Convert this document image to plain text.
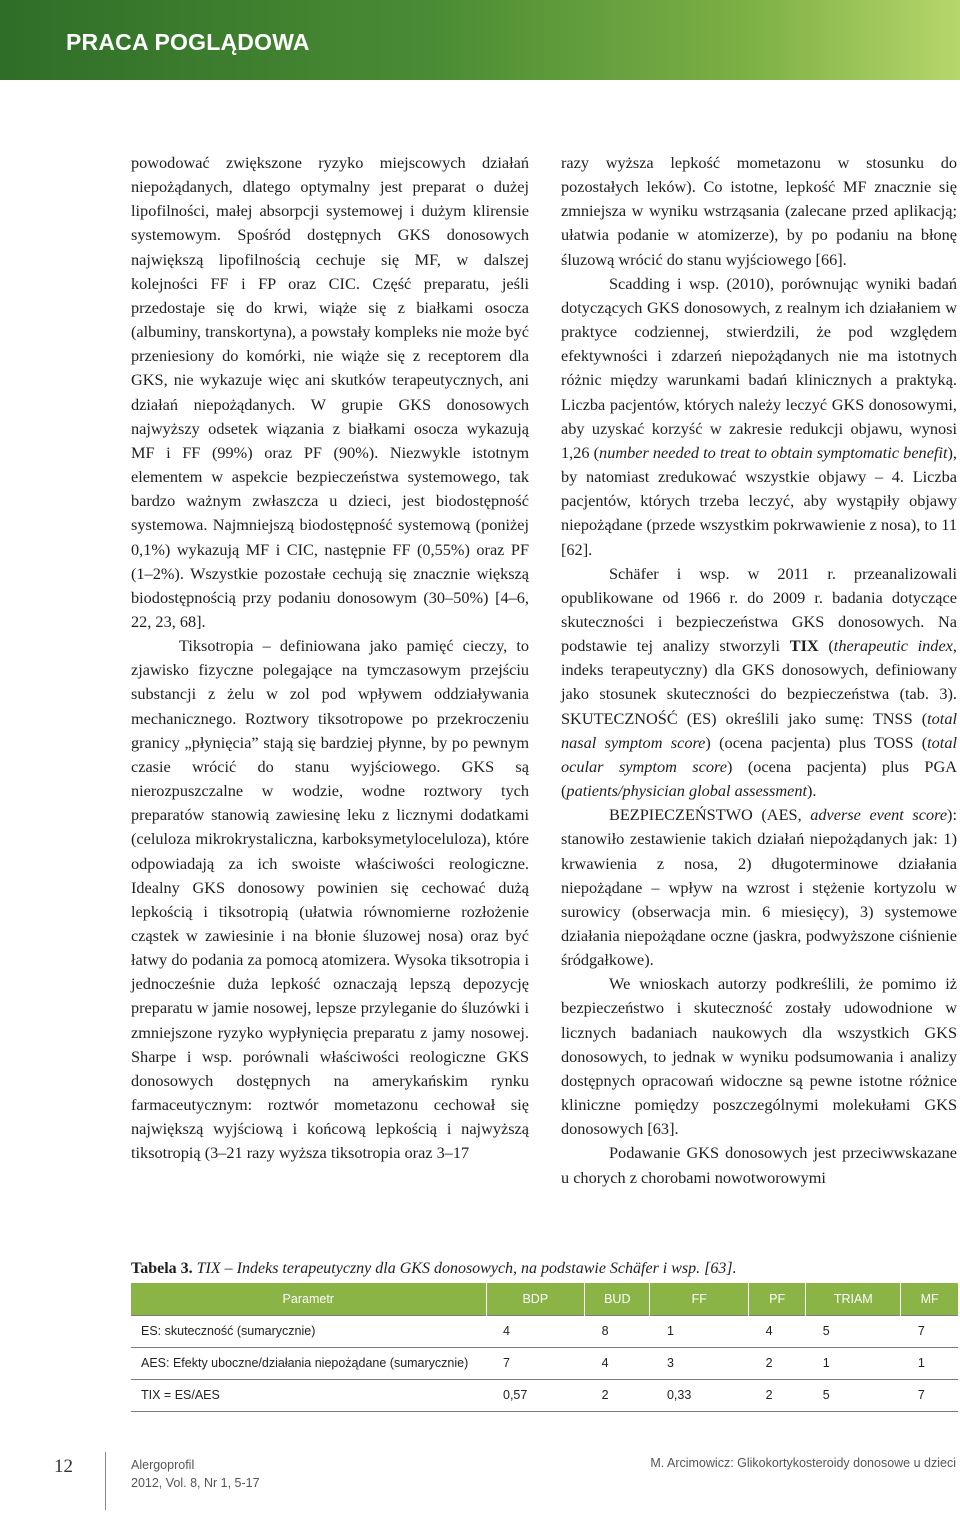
PRACA POGLĄDOWA

powodować zwiększone ryzyko miejscowych działań niepożądanych, dlatego optymalny jest preparat o dużej lipofilności, małej absorpcji systemowej i dużym klirensie systemowym. Spośród dostępnych GKS donosowych największą lipofilnością cechuje się MF, w dalszej kolejności FF i FP oraz CIC. Część preparatu, jeśli przedostaje się do krwi, wiąże się z białkami osocza (albuminy, transkortyna), a powstały kompleks nie może być przeniesiony do komórki, nie wiąże się z receptorem dla GKS, nie wykazuje więc ani skutków terapeutycznych, ani działań niepożądanych. W grupie GKS donosowych najwyższy odsetek wiązania z białkami osocza wykazują MF i FF (99%) oraz PF (90%). Niezwykle istotnym elementem w aspekcie bezpieczeństwa systemowego, tak bardzo ważnym zwłaszcza u dzieci, jest biodostępność systemowa. Najmniejszą biodostępność systemową (poniżej 0,1%) wykazują MF i CIC, następnie FF (0,55%) oraz PF (1–2%). Wszystkie pozostałe cechują się znacznie większą biodostępnością przy podaniu donosowym (30–50%) [4–6, 22, 23, 68].

Tiksotropia – definiowana jako pamięć cieczy, to zjawisko fizyczne polegające na tymczasowym przejściu substancji z żelu w zol pod wpływem oddziaływania mechanicznego. Roztwory tiksotropowe po przekroczeniu granicy „płynięcia” stają się bardziej płynne, by po pewnym czasie wrócić do stanu wyjściowego. GKS są nierozpuszczalne w wodzie, wodne roztwory tych preparatów stanowią zawiesinę leku z licznymi dodatkami (celuloza mikrokrystaliczna, karboksymetyloceluloza), które odpowiadają za ich swoiste właściwości reologiczne. Idealny GKS donosowy powinien się cechować dużą lepkością i tiksotropią (ułatwia równomierne rozłożenie cząstek w zawiesinie i na błonie śluzowej nosa) oraz być łatwy do podania za pomocą atomizera. Wysoka tiksotropia i jednocześnie duża lepkość oznaczają lepszą depozycję preparatu w jamie nosowej, lepsze przyleganie do śluzówki i zmniejszone ryzyko wypłynięcia preparatu z jamy nosowej. Sharpe i wsp. porównali właściwości reologiczne GKS donosowych dostępnych na amerykańskim rynku farmaceutycznym: roztwór mometazonu cechował się największą wyjściową i końcową lepkością i najwyższą tiksotropią (3–21 razy wyższa tiksotropia oraz 3–17

razy wyższa lepkość mometazonu w stosunku do pozostałych leków). Co istotne, lepkość MF znacznie się zmniejsza w wyniku wstrząsania (zalecane przed aplikacją; ułatwia podanie w atomizerze), by po podaniu na błonę śluzową wrócić do stanu wyjściowego [66].

Scadding i wsp. (2010), porównując wyniki badań dotyczących GKS donosowych, z realnym ich działaniem w praktyce codziennej, stwierdzili, że pod względem efektywności i zdarzeń niepożądanych nie ma istotnych różnic między warunkami badań klinicznych a praktyką. Liczba pacjentów, których należy leczyć GKS donosowymi, aby uzyskać korzyść w zakresie redukcji objawu, wynosi 1,26 (number needed to treat to obtain symptomatic benefit), by natomiast zredukować wszystkie objawy – 4. Liczba pacjentów, których trzeba leczyć, aby wystąpiły objawy niepożądane (przede wszystkim pokrwawienie z nosa), to 11 [62].

Schäfer i wsp. w 2011 r. przeanalizowali opublikowane od 1966 r. do 2009 r. badania dotyczące skuteczności i bezpieczeństwa GKS donosowych. Na podstawie tej analizy stworzyli TIX (therapeutic index, indeks terapeutyczny) dla GKS donosowych, definiowany jako stosunek skuteczności do bezpieczeństwa (tab. 3). SKUTECZNOŚĆ (ES) określili jako sumę: TNSS (total nasal symptom score) (ocena pacjenta) plus TOSS (total ocular symptom score) (ocena pacjenta) plus PGA (patients/physician global assessment).

BEZPIECZEŃSTWO (AES, adverse event score): stanowiło zestawienie takich działań niepożądanych jak: 1) krwawienia z nosa, 2) długoterminowe działania niepożądane – wpływ na wzrost i stężenie kortyzolu w surowicy (obserwacja min. 6 miesięcy), 3) systemowe działania niepożądane oczne (jaskra, podwyższone ciśnienie śródgałkowe).

We wnioskach autorzy podkreślili, że pomimo iż bezpieczeństwo i skuteczność zostały udowodnione w licznych badaniach naukowych dla wszystkich GKS donosowych, to jednak w wyniku podsumowania i analizy dostępnych opracowań widoczne są pewne istotne różnice kliniczne pomiędzy poszczególnymi molekułami GKS donosowych [63].

Podawanie GKS donosowych jest przeciwwskazane u chorych z chorobami nowotworowymi

Tabela 3. TIX – Indeks terapeutyczny dla GKS donosowych, na podstawie Schäfer i wsp. [63].
Parametr	BDP	BUD	FF	PF	TRIAM	MF
ES: skuteczność (sumarycznie)	4	8	1	4	5	7
AES: Efekty uboczne/działania niepożądane (sumarycznie)	7	4	3	2	1	1
TIX = ES/AES	0,57	2	0,33	2	5	7
12	Alergoprofil
2012, Vol. 8, Nr 1, 5-17
M. Arcimowicz: Glikokortykosteroidy donosowe u dzieci
